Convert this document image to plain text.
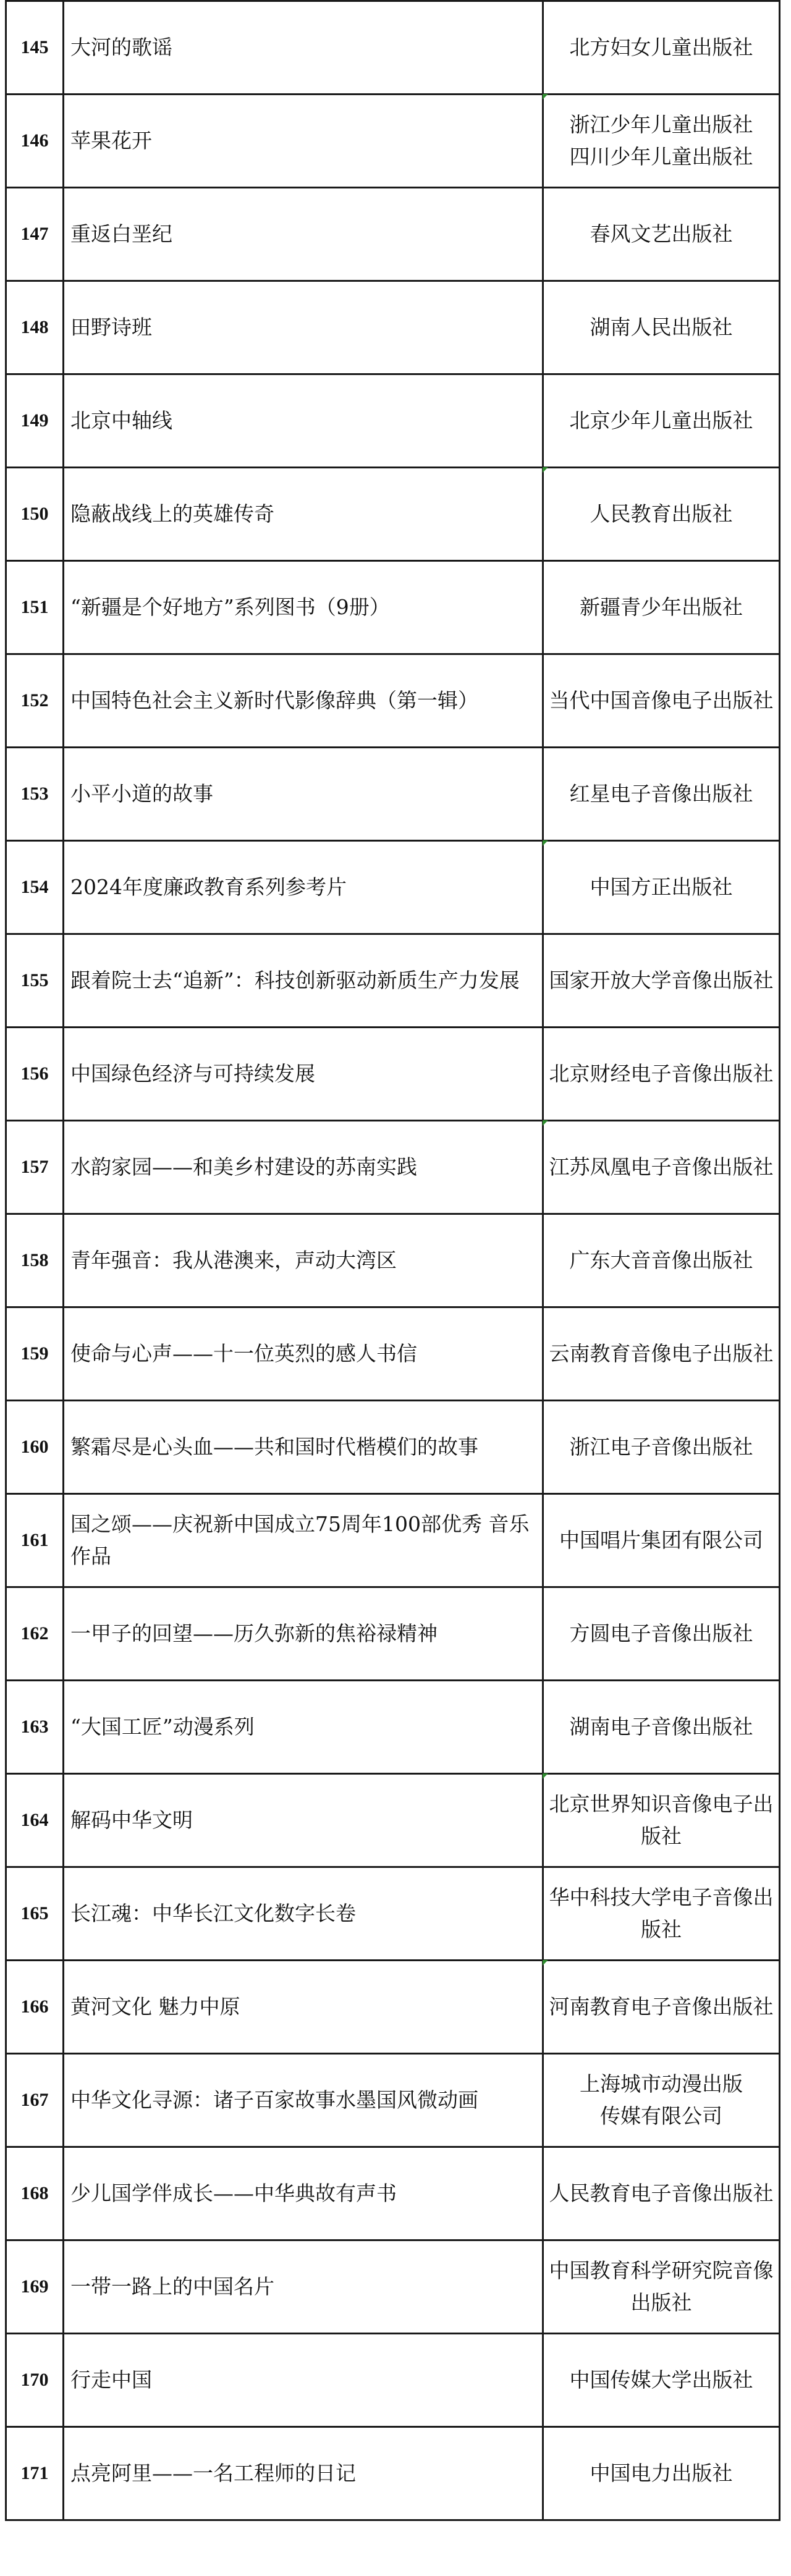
145	大河的歌谣	北方妇女儿童出版社

146	苹果花开	浙江少年儿童出版社
四川少年儿童出版社

147	重返白垩纪	春风文艺出版社

148	田野诗班	湖南人民出版社

149	北京中轴线	北京少年儿童出版社

150	隐蔽战线上的英雄传奇	人民教育出版社

151	“新疆是个好地方”系列图书（9册）	新疆青少年出版社

152	中国特色社会主义新时代影像辞典（第一辑）	当代中国音像电子出版社

153	小平小道的故事	红星电子音像出版社

154	2024年度廉政教育系列参考片	中国方正出版社

155	跟着院士去“追新”：科技创新驱动新质生产力发展	国家开放大学音像出版社

156	中国绿色经济与可持续发展	北京财经电子音像出版社

157	水韵家园——和美乡村建设的苏南实践	江苏凤凰电子音像出版社

158	青年强音：我从港澳来，声动大湾区	广东大音音像出版社

159	使命与心声——十一位英烈的感人书信	云南教育音像电子出版社

160	繁霜尽是心头血——共和国时代楷模们的故事	浙江电子音像出版社

161	国之颂——庆祝新中国成立75周年100部优秀 音乐作品	中国唱片集团有限公司

162	一甲子的回望——历久弥新的焦裕禄精神	方圆电子音像出版社

163	“大国工匠”动漫系列	湖南电子音像出版社

164	解码中华文明	北京世界知识音像电子出版社

165	长江魂：中华长江文化数字长卷	华中科技大学电子音像出版社

166	黄河文化 魅力中原	河南教育电子音像出版社

167	中华文化寻源：诸子百家故事水墨国风微动画	上海城市动漫出版
传媒有限公司

168	少儿国学伴成长——中华典故有声书	人民教育电子音像出版社

169	一带一路上的中国名片	中国教育科学研究院音像
出版社

170	行走中国	中国传媒大学出版社

171	点亮阿里——一名工程师的日记	中国电力出版社
